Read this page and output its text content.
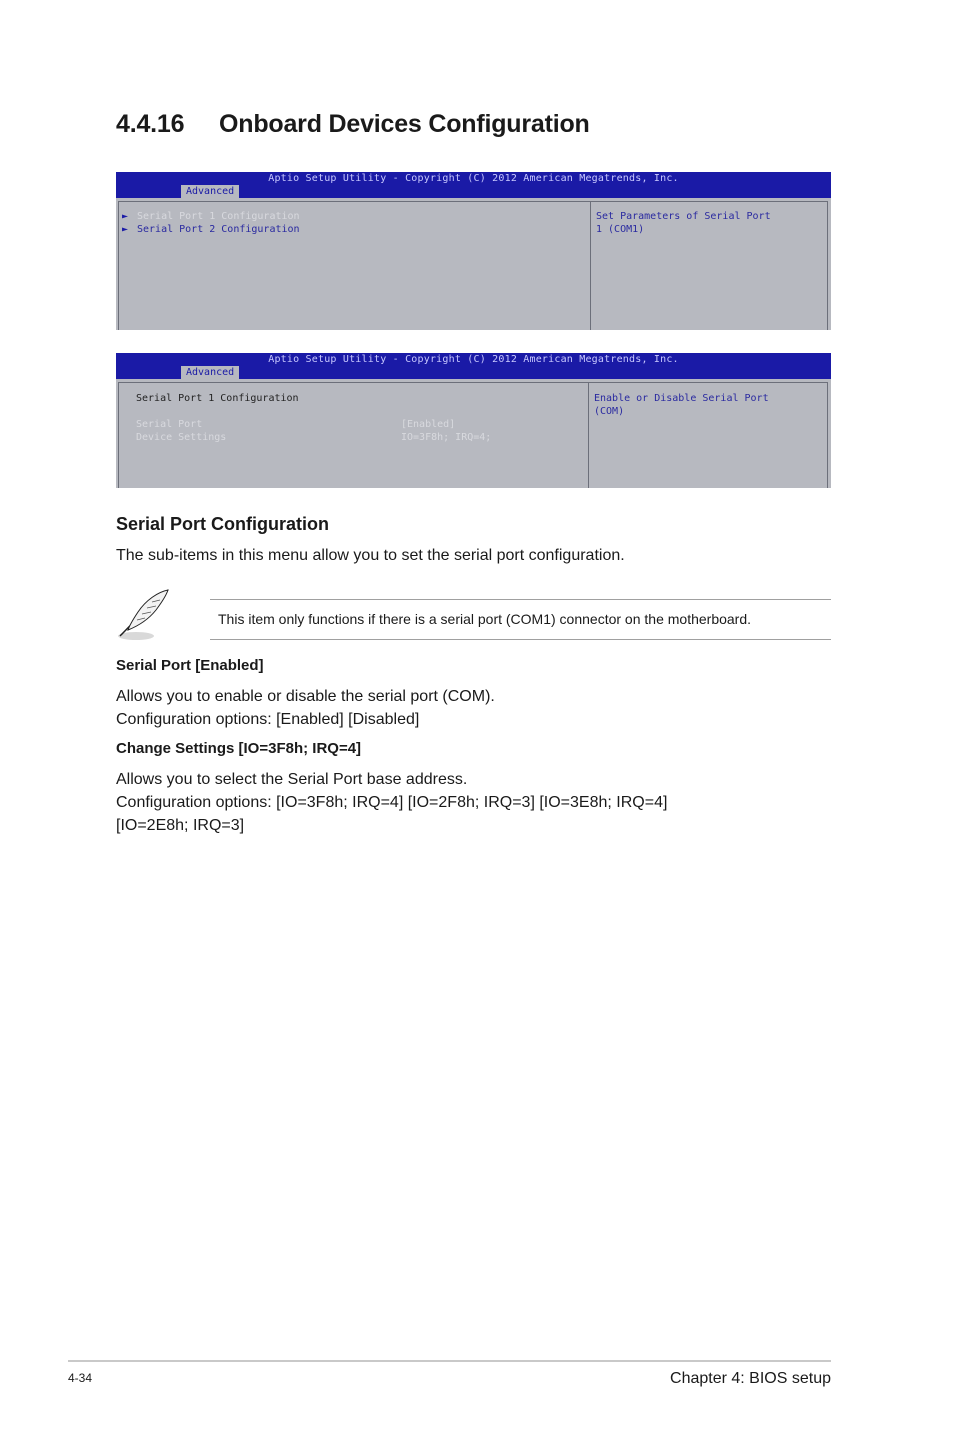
4.4.16 Onboard Devices Configuration
Aptio Setup Utility - Copyright (C) 2012 American Megatrends, Inc.
Advanced
► Serial Port 1 Configuration
► Serial Port 2 Configuration
Set Parameters of Serial Port
1 (COM1)
Aptio Setup Utility - Copyright (C) 2012 American Megatrends, Inc.
Advanced
Serial Port 1 Configuration
Serial Port	[Enabled]
Device Settings	IO=3F8h; IRQ=4;
Enable or Disable Serial Port
(COM)
Serial Port Configuration
The sub-items in this menu allow you to set the serial port configuration.
This item only functions if there is a serial port (COM1) connector on the motherboard.
Serial Port [Enabled]
Allows you to enable or disable the serial port (COM).
Configuration options: [Enabled] [Disabled]
Change Settings [IO=3F8h; IRQ=4]
Allows you to select the Serial Port base address.
Configuration options: [IO=3F8h; IRQ=4] [IO=2F8h; IRQ=3] [IO=3E8h; IRQ=4]
[IO=2E8h; IRQ=3]
4-34	Chapter 4: BIOS setup
